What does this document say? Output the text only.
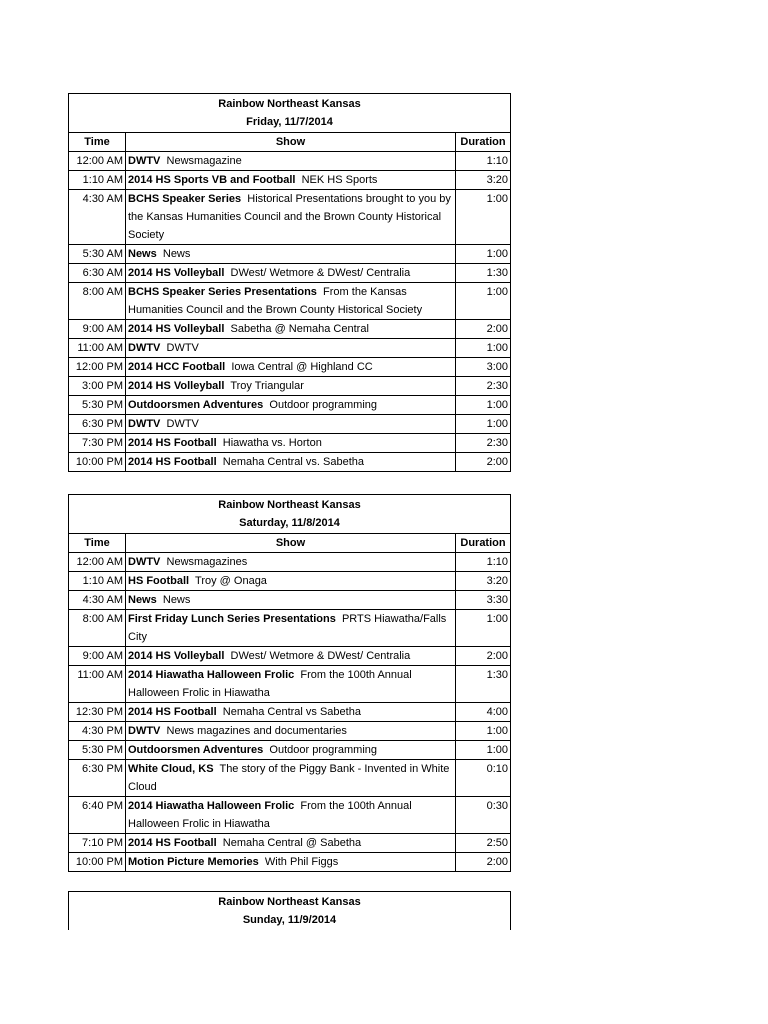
Rainbow Northeast Kansas		
Friday, 11/7/2014		
Time	Show	Duration
12:00 AM	DWTV Newsmagazine	1:10
1:10 AM	2014 HS Sports VB and Football NEK HS Sports	3:20
4:30 AM	BCHS Speaker Series Historical Presentations brought to you by the Kansas Humanities Council and the Brown County Historical Society	1:00
5:30 AM	News News	1:00
6:30 AM	2014 HS Volleyball DWest/ Wetmore & DWest/ Centralia	1:30
8:00 AM	BCHS Speaker Series Presentations From the Kansas Humanities Council and the Brown County Historical Society	1:00
9:00 AM	2014 HS Volleyball Sabetha @ Nemaha Central	2:00
11:00 AM	DWTV DWTV	1:00
12:00 PM	2014 HCC Football Iowa Central @ Highland CC	3:00
3:00 PM	2014 HS Volleyball Troy Triangular	2:30
5:30 PM	Outdoorsmen Adventures Outdoor programming	1:00
6:30 PM	DWTV DWTV	1:00
7:30 PM	2014 HS Football Hiawatha vs. Horton	2:30
10:00 PM	2014 HS Football Nemaha Central vs. Sabetha	2:00
Rainbow Northeast Kansas		
Saturday, 11/8/2014		
Time	Show	Duration
12:00 AM	DWTV Newsmagazines	1:10
1:10 AM	HS Football Troy @ Onaga	3:20
4:30 AM	News News	3:30
8:00 AM	First Friday Lunch Series Presentations PRTS Hiawatha/Falls City	1:00
9:00 AM	2014 HS Volleyball DWest/ Wetmore & DWest/ Centralia	2:00
11:00 AM	2014 Hiawatha Halloween Frolic From the 100th Annual Halloween Frolic in Hiawatha	1:30
12:30 PM	2014 HS Football Nemaha Central vs Sabetha	4:00
4:30 PM	DWTV News magazines and documentaries	1:00
5:30 PM	Outdoorsmen Adventures Outdoor programming	1:00
6:30 PM	White Cloud, KS The story of the Piggy Bank - Invented in White Cloud	0:10
6:40 PM	2014 Hiawatha Halloween Frolic From the 100th Annual Halloween Frolic in Hiawatha	0:30
7:10 PM	2014 HS Football Nemaha Central @ Sabetha	2:50
10:00 PM	Motion Picture Memories With Phil Figgs	2:00
Rainbow Northeast Kansas
Sunday, 11/9/2014
